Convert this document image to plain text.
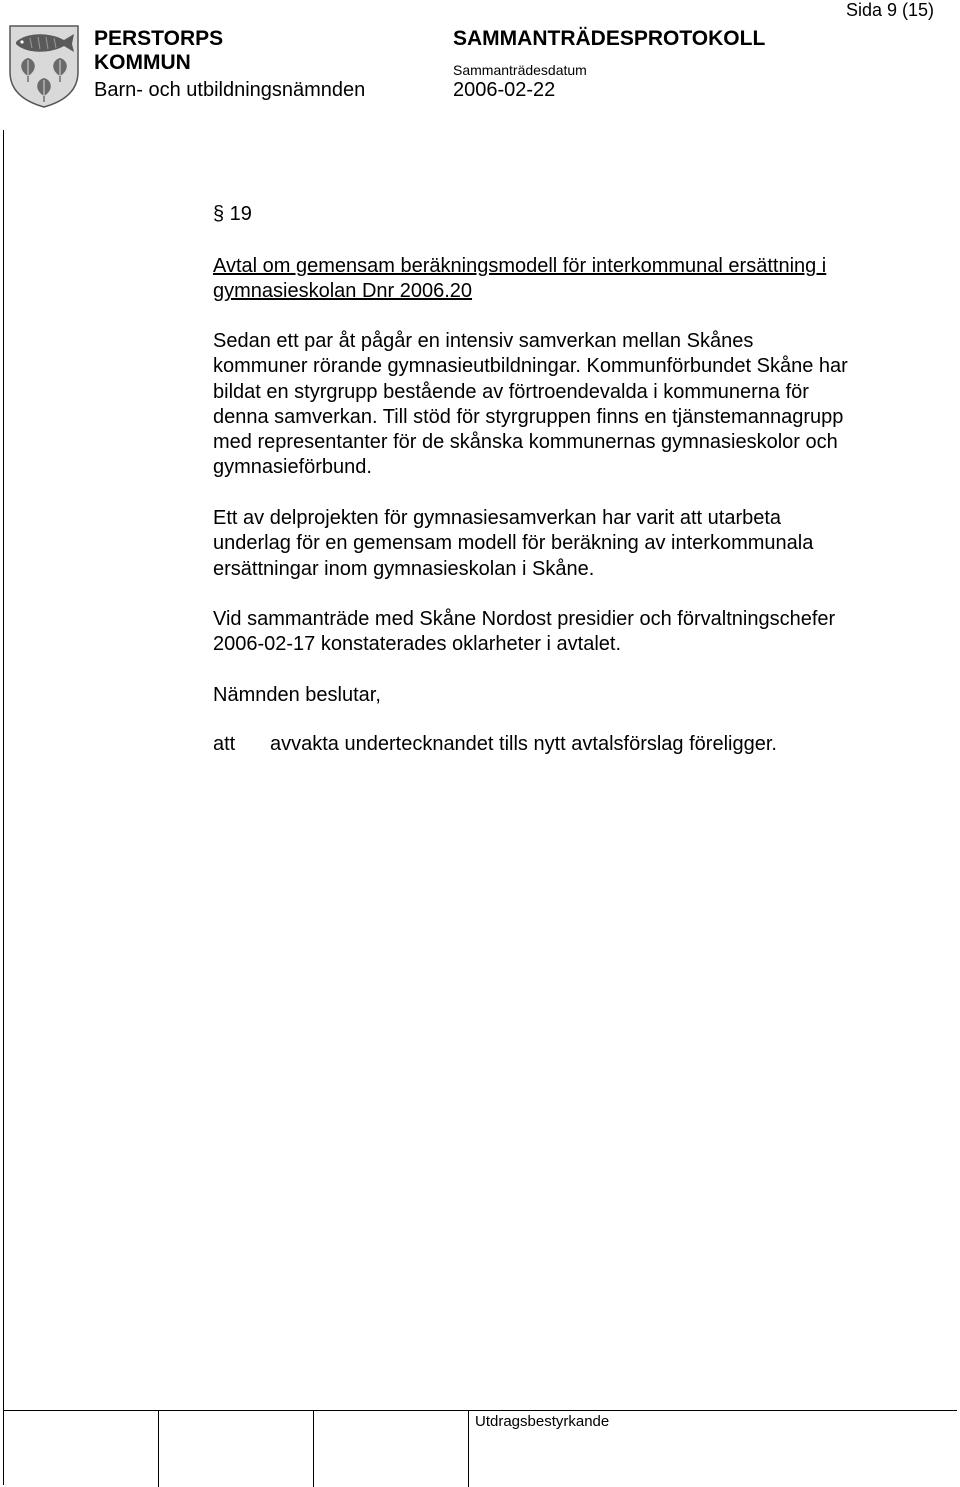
Sida 9 (15)
PERSTORPS
KOMMUN
Barn- och utbildningsnämnden
SAMMANTRÄDESPROTOKOLL
Sammanträdesdatum
2006-02-22
Utdragsbestyrkande
§ 19
Avtal om gemensam beräkningsmodell för interkommunal ersättning i
gymnasieskolan Dnr 2006.20
Sedan ett par åt pågår en intensiv samverkan mellan Skånes
kommuner rörande gymnasieutbildningar. Kommunförbundet Skåne har
bildat en styrgrupp bestående av förtroendevalda i kommunerna för
denna samverkan. Till stöd för styrgruppen finns en tjänstemannagrupp
med representanter för de skånska kommunernas gymnasieskolor och
gymnasieförbund.
Ett av delprojekten för gymnasiesamverkan har varit att utarbeta
underlag för en gemensam modell för beräkning av interkommunala
ersättningar inom gymnasieskolan i Skåne.
Vid sammanträde med Skåne Nordost presidier och förvaltningschefer
2006-02-17 konstaterades oklarheter i avtalet.
Nämnden beslutar,
att avvakta undertecknandet tills nytt avtalsförslag föreligger.
